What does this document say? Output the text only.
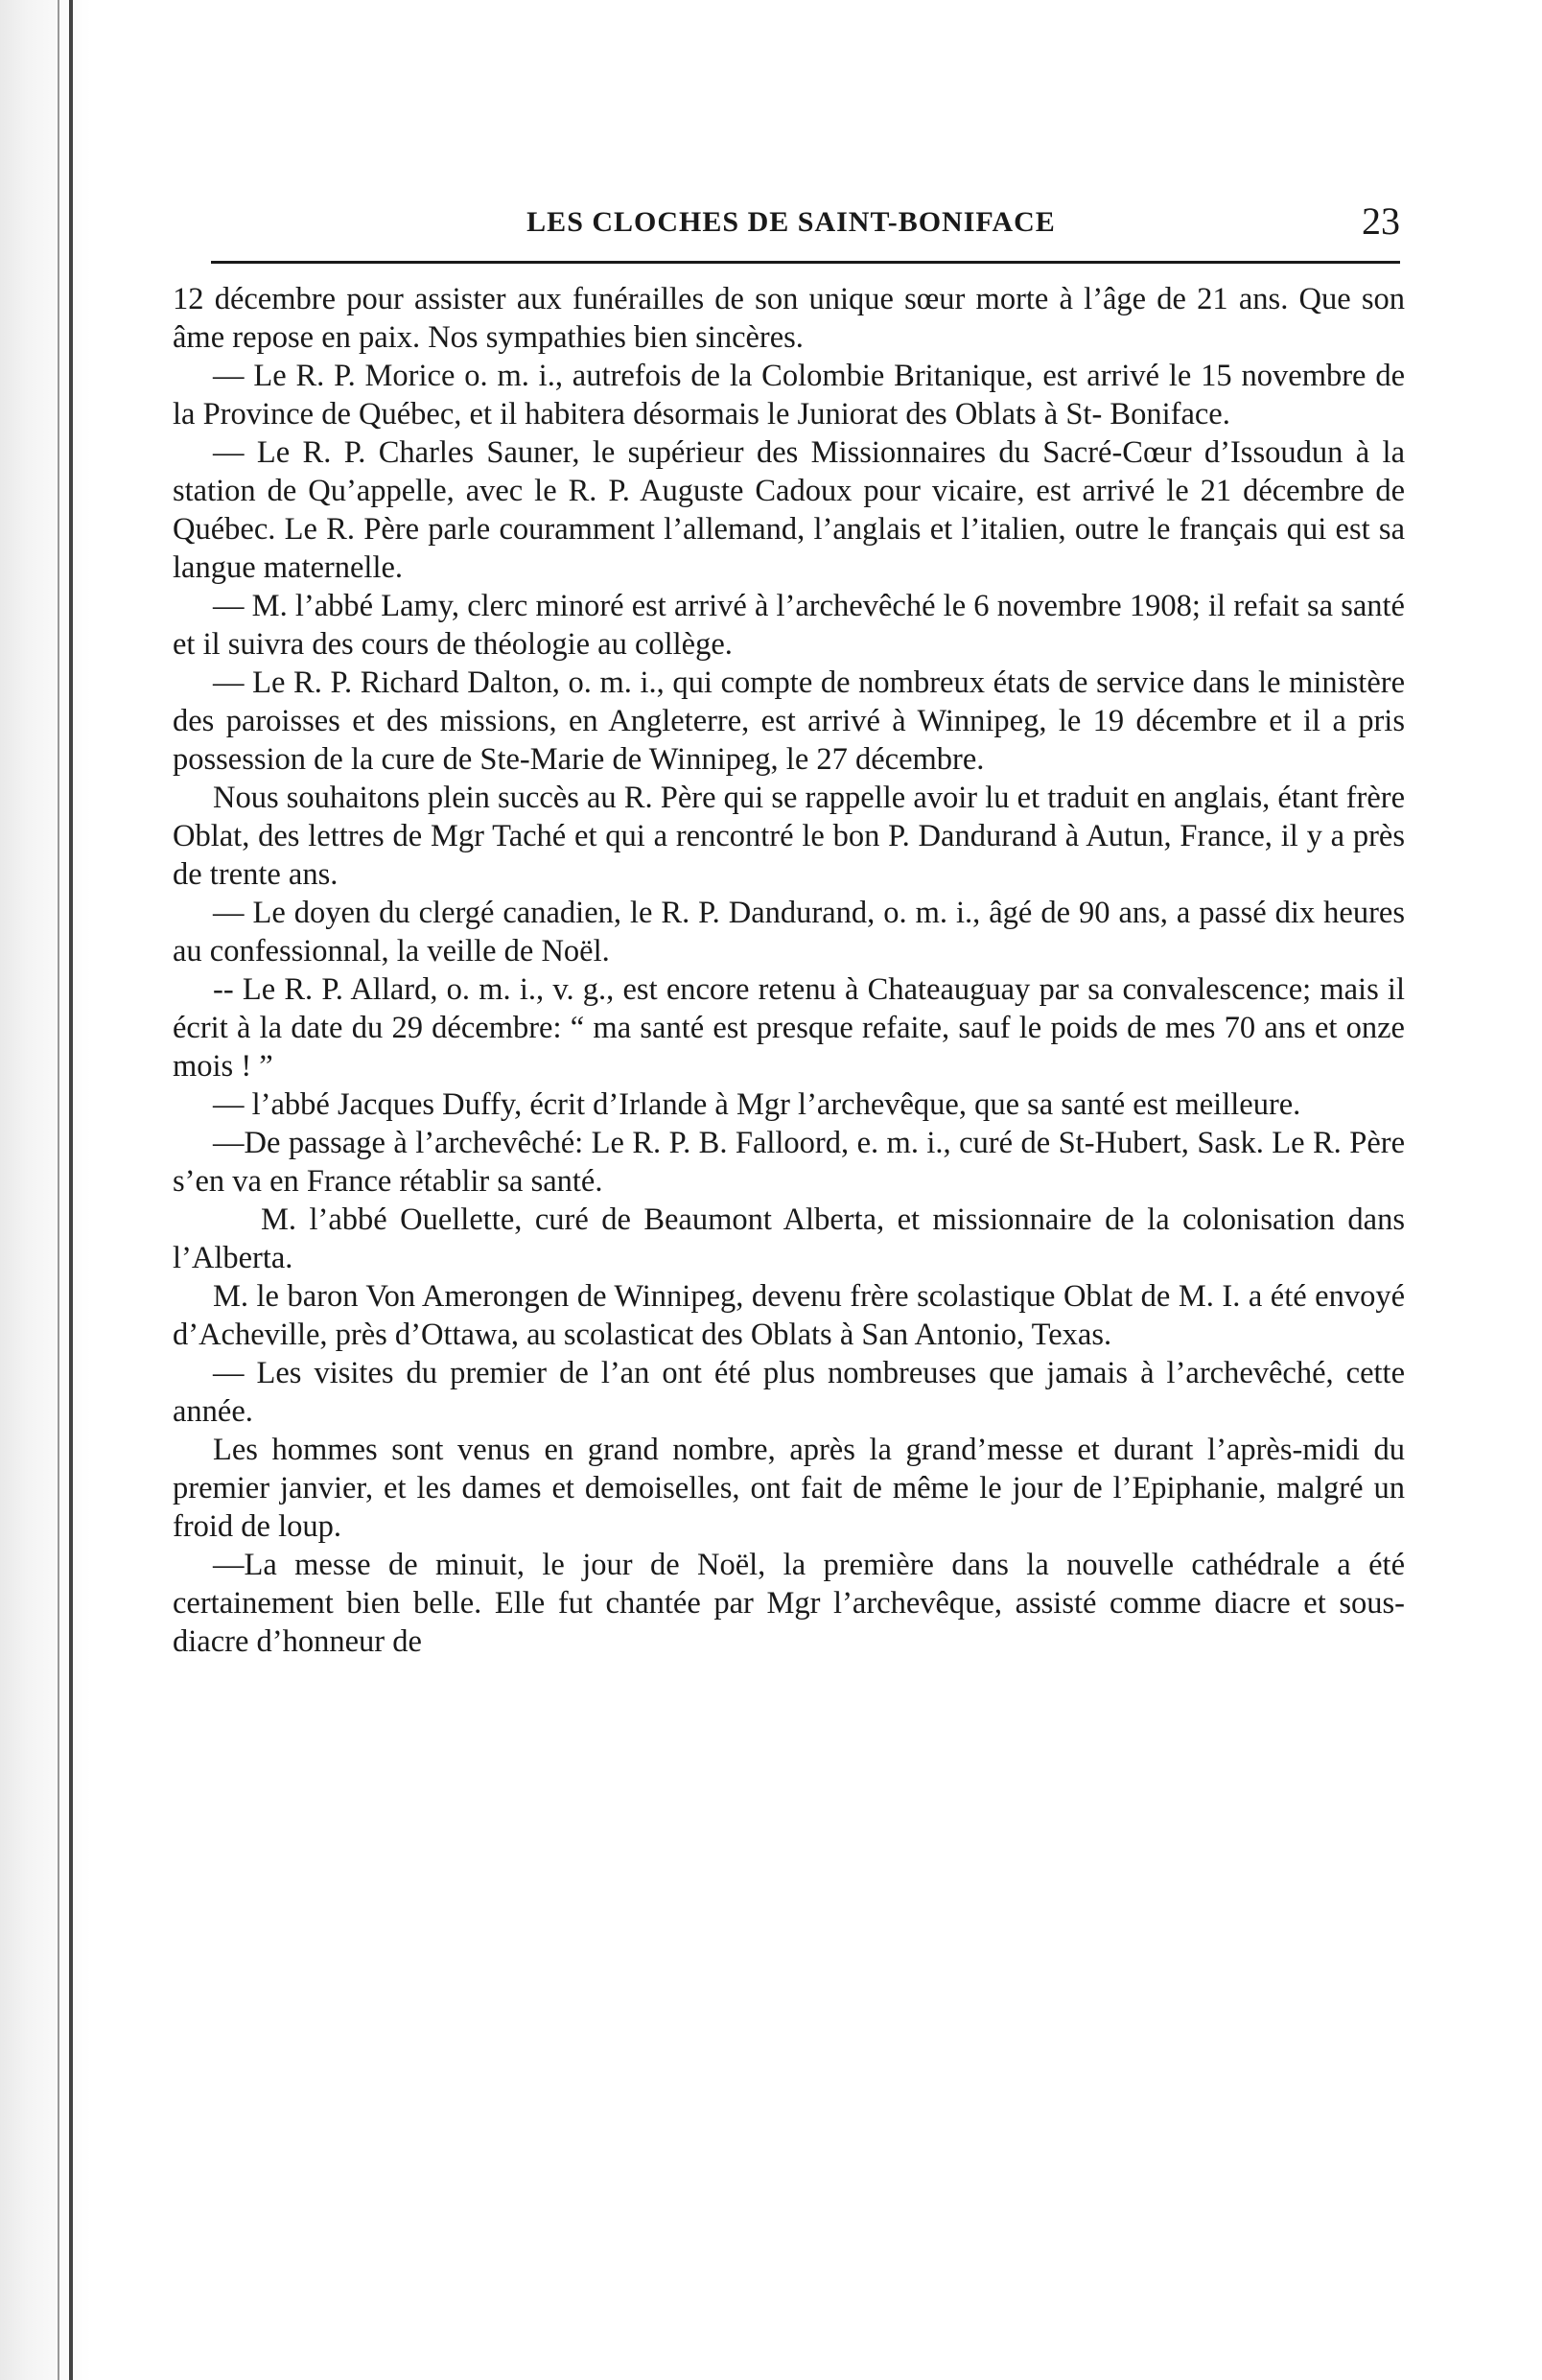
LES CLOCHES DE SAINT-BONIFACE	23

12 décembre pour assister aux funérailles de son unique sœur morte à l’âge de 21 ans. Que son âme repose en paix. Nos sympathies bien sincères.

— Le R. P. Morice o. m. i., autrefois de la Colombie Britanique, est arrivé le 15 novembre de la Province de Québec, et il habitera désormais le Juniorat des Oblats à St- Boniface.

— Le R. P. Charles Sauner, le supérieur des Missionnaires du Sacré-Cœur d’Issoudun à la station de Qu’appelle, avec le R. P. Auguste Cadoux pour vicaire, est arrivé le 21 décembre de Québec. Le R. Père parle couramment l’allemand, l’anglais et l’italien, outre le français qui est sa langue maternelle.

— M. l’abbé Lamy, clerc minoré est arrivé à l’archevêché le 6 novembre 1908; il refait sa santé et il suivra des cours de théologie au collège.

— Le R. P. Richard Dalton, o. m. i., qui compte de nombreux états de service dans le ministère des paroisses et des missions, en Angleterre, est arrivé à Winnipeg, le 19 décembre et il a pris possession de la cure de Ste-Marie de Winnipeg, le 27 décembre.

Nous souhaitons plein succès au R. Père qui se rappelle avoir lu et traduit en anglais, étant frère Oblat, des lettres de Mgr Taché et qui a rencontré le bon P. Dandurand à Autun, France, il y a près de trente ans.

— Le doyen du clergé canadien, le R. P. Dandurand, o. m. i., âgé de 90 ans, a passé dix heures au confessionnal, la veille de Noël.

-- Le R. P. Allard, o. m. i., v. g., est encore retenu à Chateauguay par sa convalescence; mais il écrit à la date du 29 décembre: “ ma santé est presque refaite, sauf le poids de mes 70 ans et onze mois ! ”

— l’abbé Jacques Duffy, écrit d’Irlande à Mgr l’archevêque, que sa santé est meilleure.

—De passage à l’archevêché: Le R. P. B. Falloord, e. m. i., curé de St-Hubert, Sask. Le R. Père s’en va en France rétablir sa santé.

M. l’abbé Ouellette, curé de Beaumont Alberta, et missionnaire de la colonisation dans l’Alberta.

M. le baron Von Amerongen de Winnipeg, devenu frère scolastique Oblat de M. I. a été envoyé d’Acheville, près d’Ottawa, au scolasticat des Oblats à San Antonio, Texas.

— Les visites du premier de l’an ont été plus nombreuses que jamais à l’archevêché, cette année.

Les hommes sont venus en grand nombre, après la grand’messe et durant l’après-midi du premier janvier, et les dames et demoiselles, ont fait de même le jour de l’Epiphanie, malgré un froid de loup.

—La messe de minuit, le jour de Noël, la première dans la nouvelle cathédrale a été certainement bien belle. Elle fut chantée par Mgr l’archevêque, assisté comme diacre et sous-diacre d’honneur de
